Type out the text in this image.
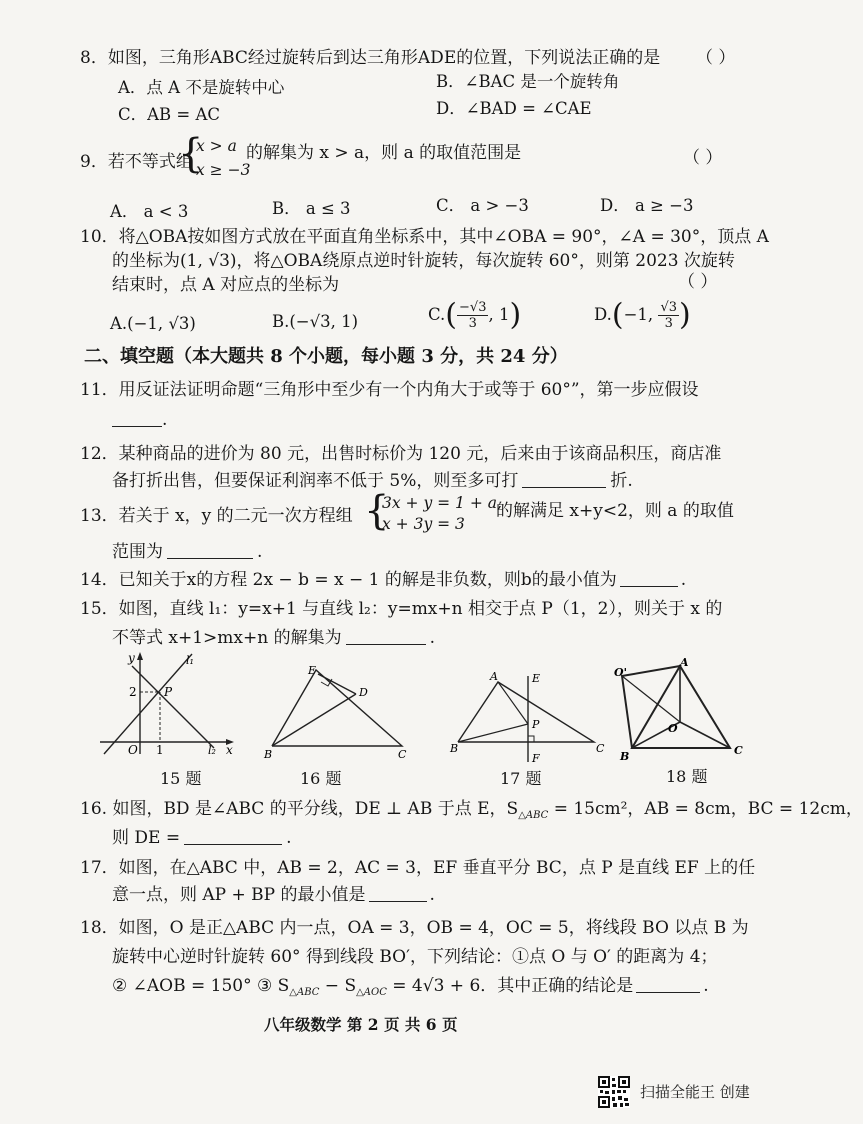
8．如图，三角形ABC经过旋转后到达三角形ADE的位置，下列说法正确的是 （ ）
A．点 A 不是旋转中心	B．∠BAC 是一个旋转角
C．AB = AC	D．∠BAD = ∠CAE
9．若不等式组
{
x > a
x ≥ −3
的解集为 x > a，则 a 的取值范围是	（ ）
A． a < 3	B． a ≤ 3	C． a > −3	D． a ≥ −3
10．将△OBA按如图方式放在平面直角坐标系中，其中∠OBA = 90°，∠A = 30°，顶点 A
的坐标为(1, √3)，将△OBA绕原点逆时针旋转，每次旋转 60°，则第 2023 次旋转
结束时，点 A 对应点的坐标为	（ ）
A.(−1, √3)	B.(−√3, 1)	$C.( \frac{-√3}{3}$ , 1)	D.(−1, $\frac{√3}{3}$ )
二、填空题（本大题共 8 个小题，每小题 3 分，共 24 分）
11．用反证法证明命题“三角形中至少有一个内角大于或等于 60°”，第一步应假设
.
12．某种商品的进价为 80 元，出售时标价为 120 元，后来由于该商品积压，商店准
备打折出售，但要保证利润率不低于 5%，则至多可打	折.
13．若关于 x，y 的二元一次方程组 {
3x + y = 1 + a,
x + 3y = 3
的解满足 x+y<2，则 a 的取值
范围为	.
14．已知关于x的方程 2x − b = x − 1 的解是非负数，则b的最小值为	.
15．如图，直线 l₁：y=x+1 与直线 l₂：y=mx+n 相交于点 P（1，2），则关于 x 的
不等式 x+1>mx+n 的解集为	.
y
x
l₁
l₂
2
1
O
P
E
D
B	C
A	E
P
B	C
F
A
O'
O
B	C
15 题	16 题	17 题	18 题
16. 如图，BD 是∠ABC 的平分线，DE ⊥ AB 于点 E，$S_{\triangle ABC} = 15cm^2$，AB = 8cm，BC = 12cm，
则 DE =	.
17．如图，在△ABC 中，AB = 2，AC = 3，EF 垂直平分 BC，点 P 是直线 EF 上的任
意一点，则 AP + BP 的最小值是	.
18．如图，O 是正△ABC 内一点，OA = 3，OB = 4，OC = 5，将线段 BO 以点 B 为
旋转中心逆时针旋转 60° 得到线段 BO′，下列结论：①点 O 与 O′ 的距离为 4；
② ∠AOB = 150° ③ $S_{\triangle ABC} - S_{\triangle AOC} = 4√3 + 6$．其中正确的结论是	.
八年级数学 第 2 页 共 6 页
扫描全能王 创建
